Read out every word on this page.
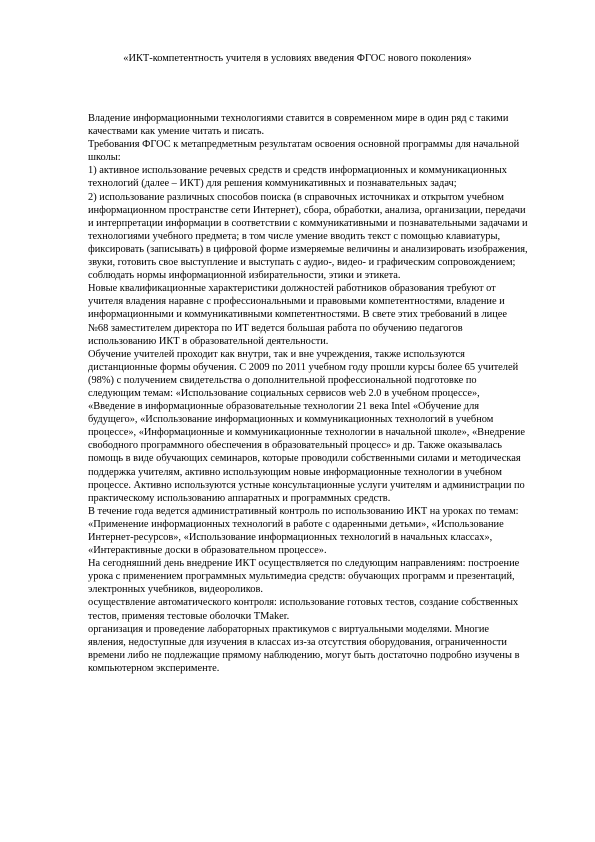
«ИКТ-компетентность учителя в условиях введения ФГОС нового поколения»

Владение информационными технологиями ставится в современном мире в один ряд с такими качествами как умение читать и писать.

Требования ФГОС к метапредметным результатам освоения основной программы для начальной школы:

1) активное использование речевых средств и средств информационных и коммуникационных технологий (далее – ИКТ) для решения коммуникативных и познавательных задач;

2) использование различных способов поиска (в справочных источниках и открытом учебном информационном пространстве сети Интернет), сбора, обработки, анализа, организации, передачи и интерпретации информации в соответствии с коммуникативными и познавательными задачами и технологиями учебного предмета; в том числе умение вводить текст с помощью клавиатуры, фиксировать (записывать) в цифровой форме измеряемые величины и анализировать изображения, звуки, готовить свое выступление и выступать с аудио-, видео- и графическим сопровождением; соблюдать нормы информационной избирательности, этики и этикета.

Новые квалификационные характеристики должностей работников образования требуют от учителя владения наравне с профессиональными и правовыми компетентностями, владение и информационными и коммуникативными компетентностями. В свете этих требований в лицее №68 заместителем директора по ИТ ведется большая работа по обучению педагогов использованию ИКТ в образовательной деятельности.

Обучение учителей проходит как внутри, так и вне учреждения, также используются дистанционные формы обучения. С 2009 по 2011 учебном году прошли курсы более 65 учителей (98%) с получением свидетельства о дополнительной профессиональной подготовке по следующим темам: «Использование социальных сервисов web 2.0 в учебном процессе», «Введение в информационные образовательные технологии 21 века Intel «Обучение для будущего», «Использование информационных и коммуникационных технологий в учебном процессе», «Информационные и коммуникационные технологии в начальной школе», «Внедрение свободного программного обеспечения в образовательный процесс» и др. Также оказывалась помощь в виде обучающих семинаров, которые проводили собственными силами и методическая поддержка учителям, активно использующим новые информационные технологии в учебном процессе. Активно используются устные консультационные услуги учителям и администрации по практическому использованию аппаратных и программных средств.

В течение года ведется административный контроль по использованию ИКТ на уроках по темам: «Применение информационных технологий в работе с одаренными детьми», «Использование Интернет-ресурсов», «Использование информационных технологий в начальных классах», «Интерактивные доски в образовательном процессе».

На сегодняшний день внедрение ИКТ осуществляется по следующим направлениям: построение урока с применением программных мультимедиа средств: обучающих программ и презентаций, электронных учебников, видеороликов.

осуществление автоматического контроля: использование готовых тестов, создание собственных тестов, применяя тестовые оболочки TMaker.

организация и проведение лабораторных практикумов с виртуальными моделями. Многие явления, недоступные для изучения в классах из-за отсутствия оборудования, ограниченности времени либо не подлежащие прямому наблюдению, могут быть достаточно подробно изучены в компьютерном эксперименте.
